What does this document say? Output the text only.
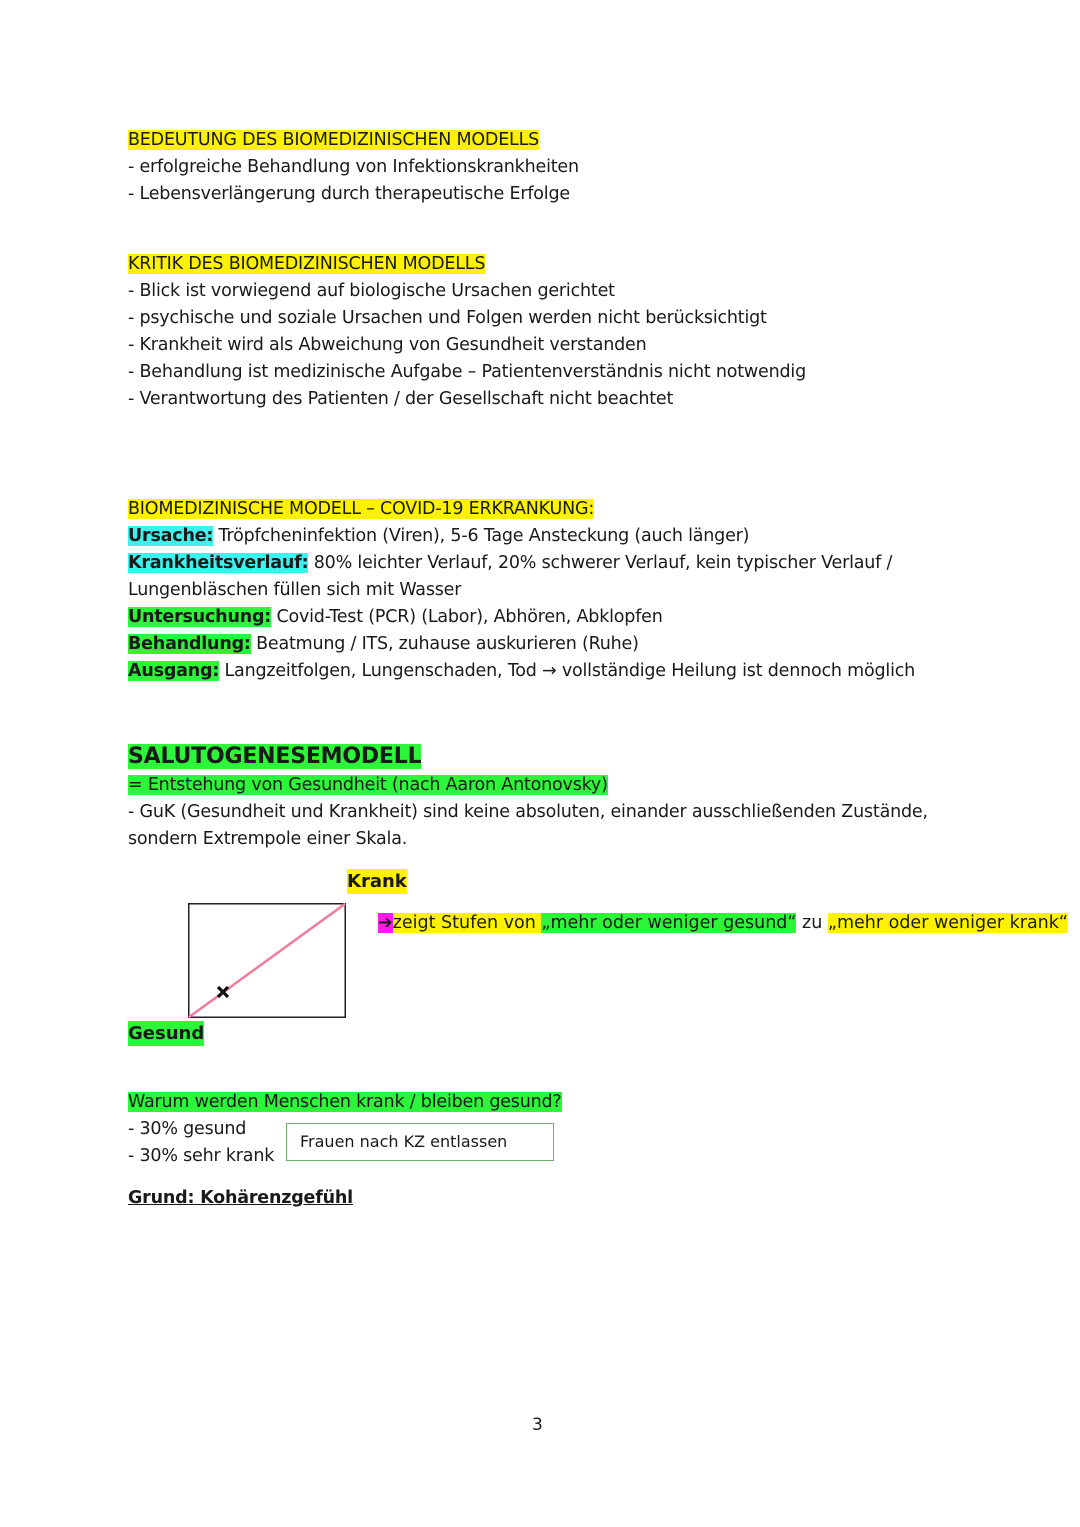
BEDEUTUNG DES BIOMEDIZINISCHEN MODELLS
- erfolgreiche Behandlung von Infektionskrankheiten
- Lebensverlängerung durch therapeutische Erfolge
KRITIK DES BIOMEDIZINISCHEN MODELLS
- Blick ist vorwiegend auf biologische Ursachen gerichtet
- psychische und soziale Ursachen und Folgen werden nicht berücksichtigt
- Krankheit wird als Abweichung von Gesundheit verstanden
- Behandlung ist medizinische Aufgabe – Patientenverständnis nicht notwendig
- Verantwortung des Patienten / der Gesellschaft nicht beachtet
BIOMEDIZINISCHE MODELL – COVID-19 ERKRANKUNG:
Ursache: Tröpfcheninfektion (Viren), 5-6 Tage Ansteckung (auch länger)
Krankheitsverlauf: 80% leichter Verlauf, 20% schwerer Verlauf, kein typischer Verlauf / Lungenbläschen füllen sich mit Wasser
Untersuchung: Covid-Test (PCR) (Labor), Abhören, Abklopfen
Behandlung: Beatmung / ITS, zuhause auskurieren (Ruhe)
Ausgang: Langzeitfolgen, Lungenschaden, Tod → vollständige Heilung ist dennoch möglich
SALUTOGENESEMODELL
= Entstehung von Gesundheit (nach Aaron Antonovsky)
- GuK (Gesundheit und Krankheit) sind keine absoluten, einander ausschließenden Zustände, sondern Extrempole einer Skala.
Krank
Gesund
➔zeigt Stufen von „mehr oder weniger gesund“ zu „mehr oder weniger krank“
Warum werden Menschen krank / bleiben gesund?
- 30% gesund
- 30% sehr krank
Grund: Kohärenzgefühl
Frauen nach KZ entlassen
3
